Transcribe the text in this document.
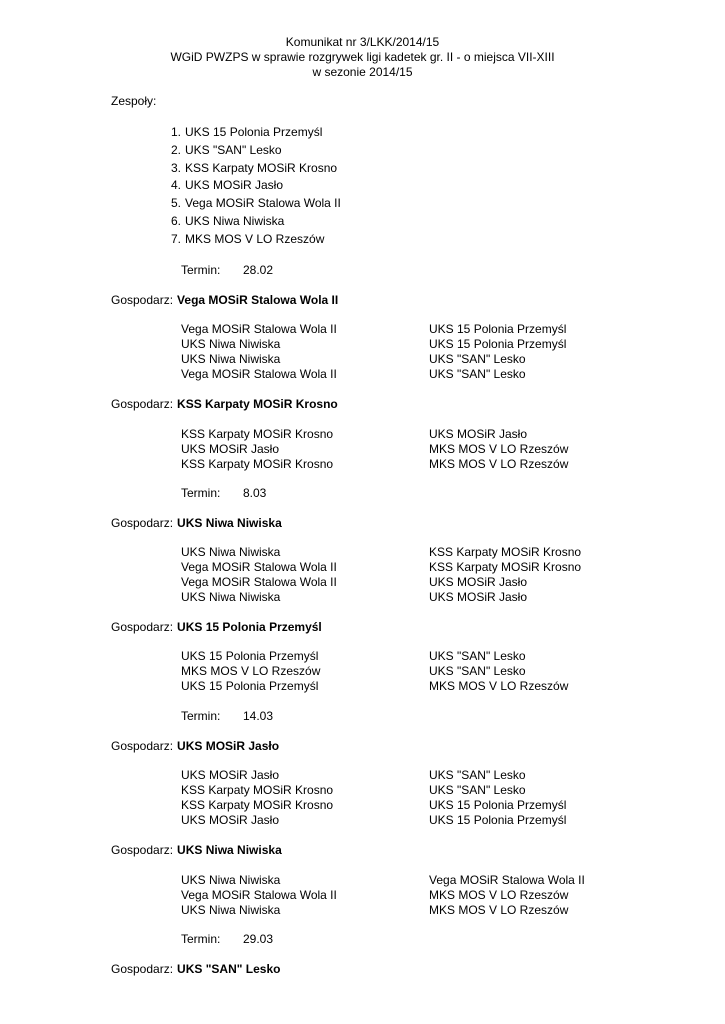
Komunikat nr 3/LKK/2014/15
WGiD PWZPS w sprawie rozgrywek ligi kadetek gr. II - o miejsca VII-XIII
w sezonie 2014/15
Zespoły:
1. UKS 15 Polonia Przemyśl
2. UKS "SAN" Lesko
3. KSS Karpaty MOSiR Krosno
4. UKS MOSiR Jasło
5. Vega MOSiR Stalowa Wola II
6. UKS Niwa Niwiska
7. MKS MOS V LO Rzeszów
Termin: 28.02
Gospodarz: Vega MOSiR Stalowa Wola II
Vega MOSiR Stalowa Wola II	UKS 15 Polonia Przemyśl
UKS Niwa Niwiska	UKS 15 Polonia Przemyśl
UKS Niwa Niwiska	UKS "SAN" Lesko
Vega MOSiR Stalowa Wola II	UKS "SAN" Lesko
Gospodarz: KSS Karpaty MOSiR Krosno
KSS Karpaty MOSiR Krosno	UKS MOSiR Jasło
UKS MOSiR Jasło	MKS MOS V LO Rzeszów
KSS Karpaty MOSiR Krosno	MKS MOS V LO Rzeszów
Termin: 8.03
Gospodarz: UKS Niwa Niwiska
UKS Niwa Niwiska	KSS Karpaty MOSiR Krosno
Vega MOSiR Stalowa Wola II	KSS Karpaty MOSiR Krosno
Vega MOSiR Stalowa Wola II	UKS MOSiR Jasło
UKS Niwa Niwiska	UKS MOSiR Jasło
Gospodarz: UKS 15 Polonia Przemyśl
UKS 15 Polonia Przemyśl	UKS "SAN" Lesko
MKS MOS V LO Rzeszów	UKS "SAN" Lesko
UKS 15 Polonia Przemyśl	MKS MOS V LO Rzeszów
Termin: 14.03
Gospodarz: UKS MOSiR Jasło
UKS MOSiR Jasło	UKS "SAN" Lesko
KSS Karpaty MOSiR Krosno	UKS "SAN" Lesko
KSS Karpaty MOSiR Krosno	UKS 15 Polonia Przemyśl
UKS MOSiR Jasło	UKS 15 Polonia Przemyśl
Gospodarz: UKS Niwa Niwiska
UKS Niwa Niwiska	Vega MOSiR Stalowa Wola II
Vega MOSiR Stalowa Wola II	MKS MOS V LO Rzeszów
UKS Niwa Niwiska	MKS MOS V LO Rzeszów
Termin: 29.03
Gospodarz: UKS "SAN" Lesko
